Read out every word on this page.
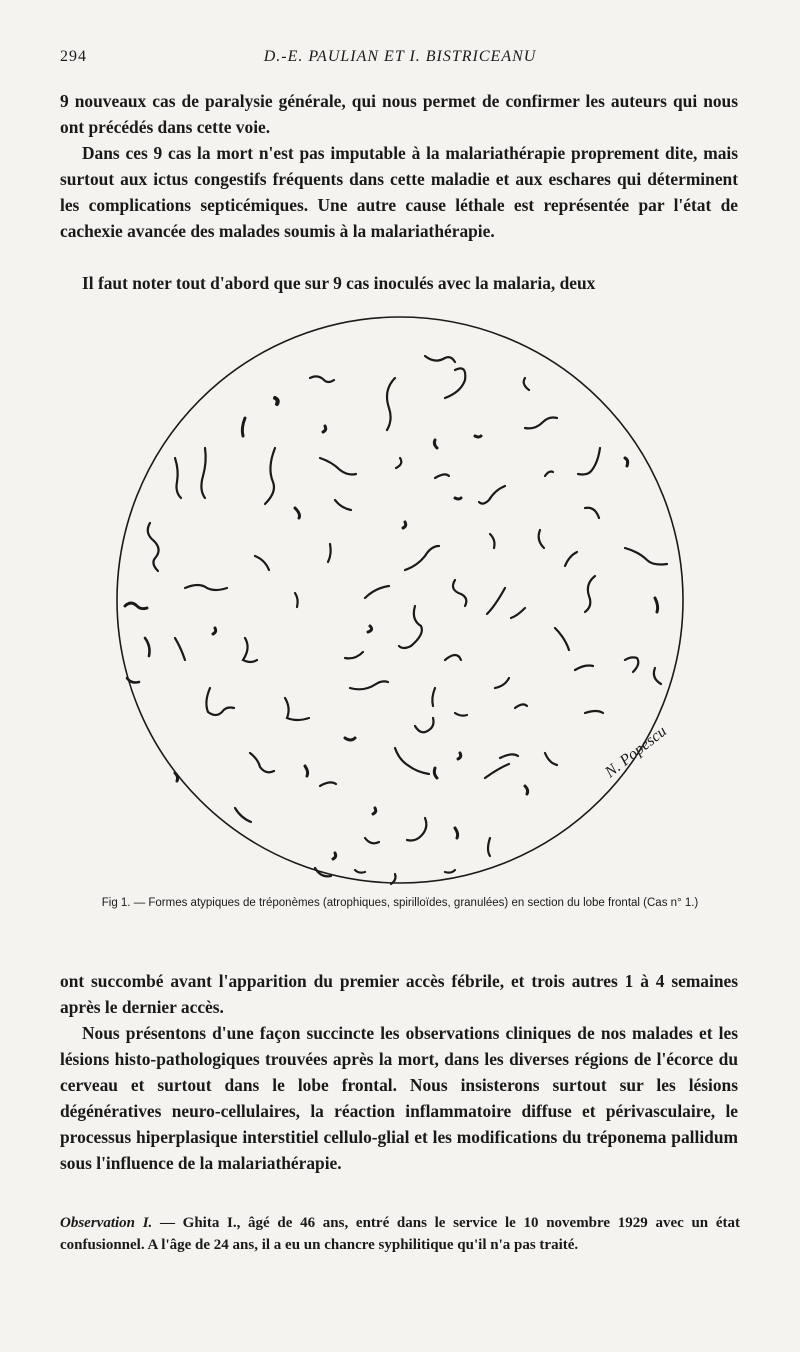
294	D.-E. PAULIAN ET I. BISTRICEANU

9 nouveaux cas de paralysie générale, qui nous permet de confirmer les auteurs qui nous ont précédés dans cette voie.

Dans ces 9 cas la mort n'est pas imputable à la malariathérapie proprement dite, mais surtout aux ictus congestifs fréquents dans cette maladie et aux eschares qui déterminent les complications septicémiques. Une autre cause léthale est représentée par l'état de cachexie avancée des malades soumis à la malariathérapie.

Il faut noter tout d'abord que sur 9 cas inoculés avec la malaria, deux

N. Popescu
Fig 1. — Formes atypiques de tréponèmes (atrophiques, spirilloïdes, granulées) en section du lobe frontal (Cas n° 1.)

ont succombé avant l'apparition du premier accès fébrile, et trois autres 1 à 4 semaines après le dernier accès.

Nous présentons d'une façon succincte les observations cliniques de nos malades et les lésions histo-pathologiques trouvées après la mort, dans les diverses régions de l'écorce du cerveau et surtout dans le lobe frontal. Nous insisterons surtout sur les lésions dégénératives neuro-cellulaires, la réaction inflammatoire diffuse et périvasculaire, le processus hiperplasique interstitiel cellulo-glial et les modifications du tréponema pallidum sous l'influence de la malariathérapie.

Observation I. — Ghita I., âgé de 46 ans, entré dans le service le 10 novembre 1929 avec un état confusionnel. A l'âge de 24 ans, il a eu un chancre syphilitique qu'il n'a pas traité.
